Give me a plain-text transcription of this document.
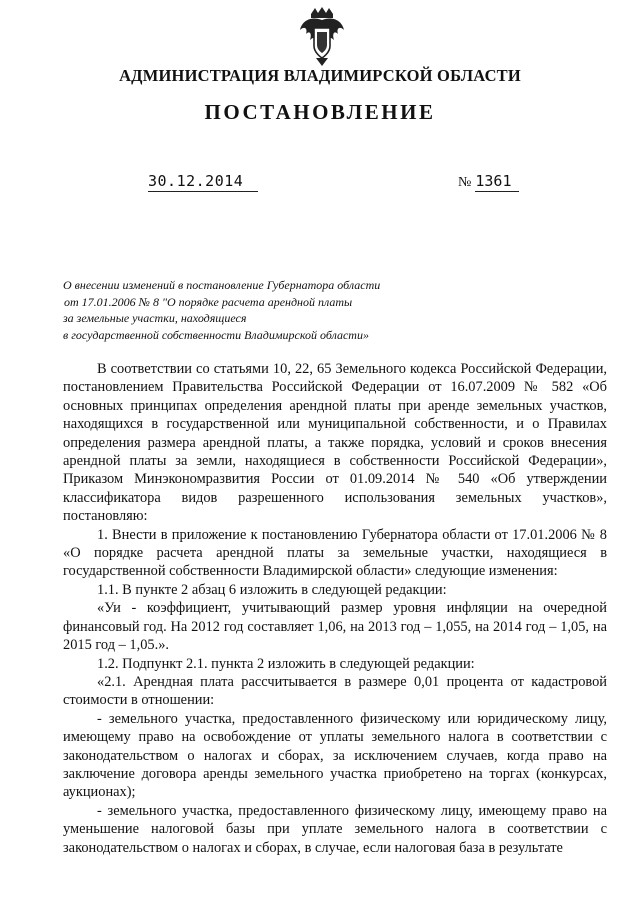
АДМИНИСТРАЦИЯ ВЛАДИМИРСКОЙ ОБЛАСТИ
ПОСТАНОВЛЕНИЕ
30.12.2014	№ 1361
О внесении изменений в постановление Губернатора области
от 17.01.2006 № 8 "О порядке расчета арендной платы
за земельные участки, находящиеся
в государственной собственности Владимирской области»

В соответствии со статьями 10, 22, 65 Земельного кодекса Российской Федерации, постановлением Правительства Российской Федерации от 16.07.2009 № 582 «Об основных принципах определения арендной платы при аренде земельных участков, находящихся в государственной или муниципальной собственности, и о Правилах определения размера арендной платы, а также порядка, условий и сроков внесения арендной платы за земли, находящиеся в собственности Российской Федерации», Приказом Минэкономразвития России от 01.09.2014 № 540 «Об утверждении классификатора видов разрешенного использования земельных участков», постановляю:

1. Внести в приложение к постановлению Губернатора области от 17.01.2006 № 8 «О порядке расчета арендной платы за земельные участки, находящиеся в государственной собственности Владимирской области» следующие изменения:

1.1. В пункте 2 абзац 6 изложить в следующей редакции:

«Уи - коэффициент, учитывающий размер уровня инфляции на очередной финансовый год. На 2012 год составляет 1,06, на 2013 год – 1,055, на 2014 год – 1,05, на 2015 год – 1,05.».

1.2. Подпункт 2.1. пункта 2 изложить в следующей редакции:

«2.1. Арендная плата рассчитывается в размере 0,01 процента от кадастровой стоимости в отношении:

- земельного участка, предоставленного физическому или юридическому лицу, имеющему право на освобождение от уплаты земельного налога в соответствии с законодательством о налогах и сборах, за исключением случаев, когда право на заключение договора аренды земельного участка приобретено на торгах (конкурсах, аукционах);

- земельного участка, предоставленного физическому лицу, имеющему право на уменьшение налоговой базы при уплате земельного налога в соответствии с законодательством о налогах и сборах, в случае, если налоговая база в результате
